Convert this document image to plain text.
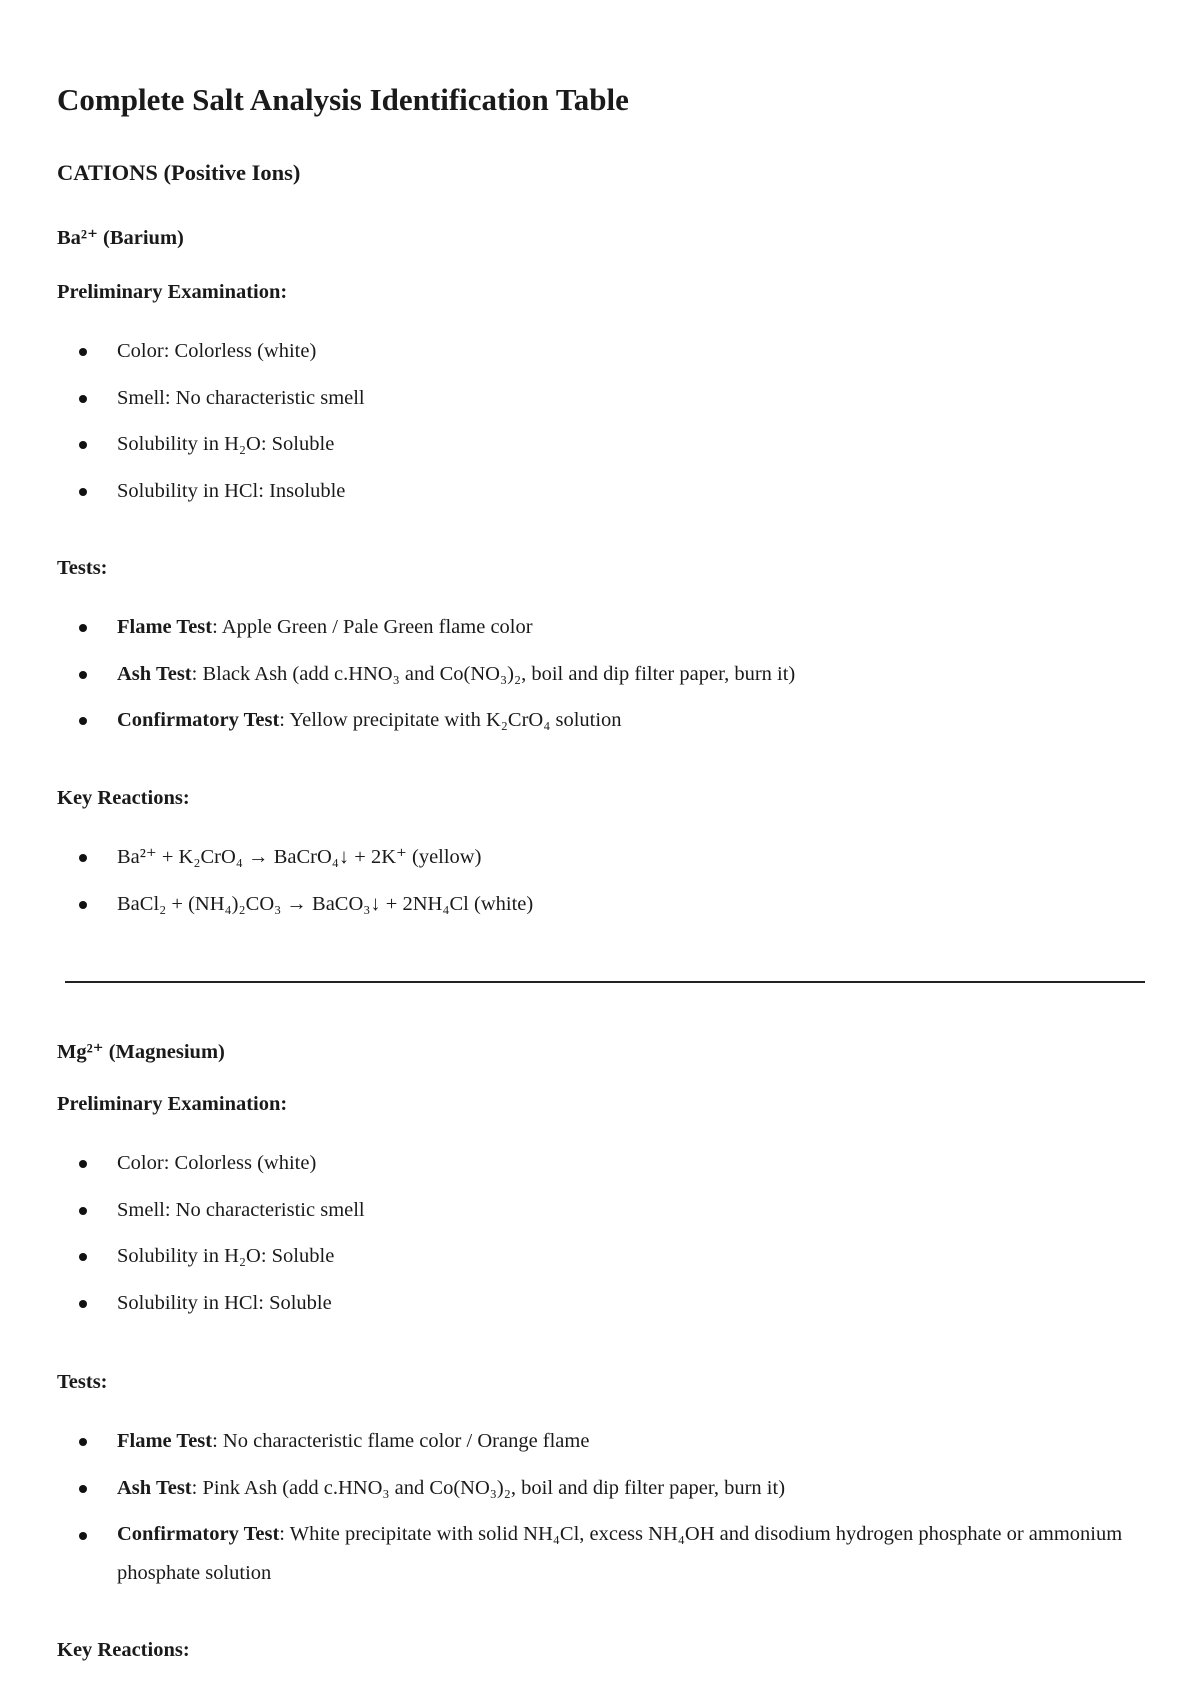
Complete Salt Analysis Identification Table
CATIONS (Positive Ions)
Ba²⁺ (Barium)
Preliminary Examination:
Color: Colorless (white)
Smell: No characteristic smell
Solubility in H₂O: Soluble
Solubility in HCl: Insoluble
Tests:
Flame Test: Apple Green / Pale Green flame color
Ash Test: Black Ash (add c.HNO₃ and Co(NO₃)₂, boil and dip filter paper, burn it)
Confirmatory Test: Yellow precipitate with K₂CrO₄ solution
Key Reactions:
Ba²⁺ + K₂CrO₄ → BaCrO₄↓ + 2K⁺ (yellow)
BaCl₂ + (NH₄)₂CO₃ → BaCO₃↓ + 2NH₄Cl (white)
Mg²⁺ (Magnesium)
Preliminary Examination:
Color: Colorless (white)
Smell: No characteristic smell
Solubility in H₂O: Soluble
Solubility in HCl: Soluble
Tests:
Flame Test: No characteristic flame color / Orange flame
Ash Test: Pink Ash (add c.HNO₃ and Co(NO₃)₂, boil and dip filter paper, burn it)
Confirmatory Test: White precipitate with solid NH₄Cl, excess NH₄OH and disodium hydrogen phosphate or ammonium phosphate solution
Key Reactions:
